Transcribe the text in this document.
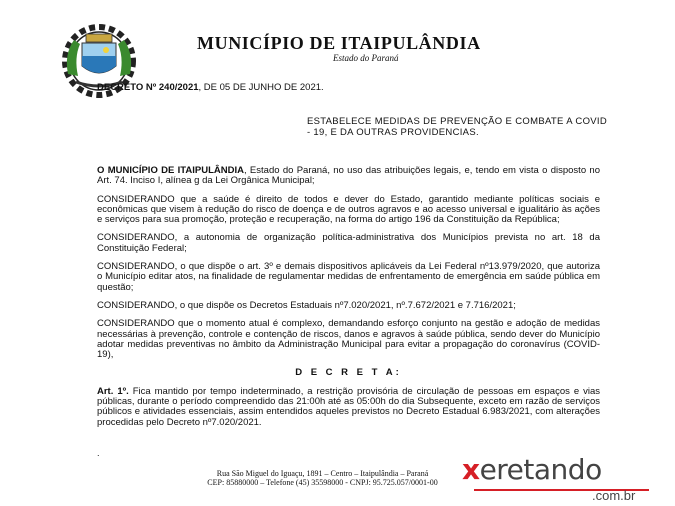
MUNICÍPIO DE ITAIPULÂNDIA
Estado do Paraná
DECRETO Nº 240/2021, DE 05 DE JUNHO DE 2021.
ESTABELECE MEDIDAS DE PREVENÇÃO E COMBATE A COVID - 19, E DA OUTRAS PROVIDENCIAS.

O MUNICÍPIO DE ITAIPULÂNDIA, Estado do Paraná, no uso das atribuições legais, e, tendo em vista o disposto no Art. 74. Inciso I, alínea g da Lei Orgânica Municipal;

CONSIDERANDO que a saúde é direito de todos e dever do Estado, garantido mediante políticas sociais e econômicas que visem à redução do risco de doença e de outros agravos e ao acesso universal e igualitário às ações e serviços para sua promoção, proteção e recuperação, na forma do artigo 196 da Constituição da República;

CONSIDERANDO, a autonomia de organização política-administrativa dos Municípios prevista no art. 18 da Constituição Federal;

CONSIDERANDO, o que dispõe o art. 3º e demais dispositivos aplicáveis da Lei Federal nº13.979/2020, que autoriza o Município editar atos, na finalidade de regulamentar medidas de enfrentamento de emergência em saúde pública em questão;

CONSIDERANDO, o que dispõe os Decretos Estaduais nº7.020/2021, nº.7.672/2021 e 7.716/2021;

CONSIDERANDO que o momento atual é complexo, demandando esforço conjunto na gestão e adoção de medidas necessárias à prevenção, controle e contenção de riscos, danos e agravos à saúde pública, sendo dever do Município adotar medidas preventivas no âmbito da Administração Municipal para evitar a propagação do coronavírus (COVID-19),

D E C R E T A:

Art. 1º. Fica mantido por tempo indeterminado, a restrição provisória de circulação de pessoas em espaços e vias públicas, durante o período compreendido das 21:00h até as 05:00h do dia Subsequente, exceto em razão de serviços públicos e atividades essenciais, assim entendidos aqueles previstos no Decreto Estadual 6.983/2021, com alterações procedidas pelo Decreto nº7.020/2021.

.
Rua São Miguel do Iguaçu, 1891 – Centro – Itaipulândia – Paraná
CEP: 85880000 – Telefone (45) 35598000 - CNPJ: 95.725.057/0001-00 xeretando
.com.br
